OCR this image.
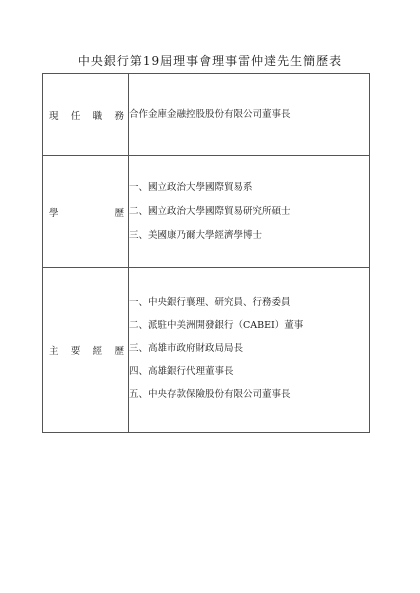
中央銀行第19屆理事會理事雷仲達先生簡歷表
現 任 職 務	合作金庫金融控股股份有限公司董事長

學 歷	一、國立政治大學國際貿易系
二、國立政治大學國際貿易研究所碩士
三、美國康乃爾大學經濟學博士

主 要 經 歷	一、中央銀行襄理、研究員、行務委員
二、派駐中美洲開發銀行（CABEI）董事
三、高雄市政府財政局局長
四、高雄銀行代理董事長
五、中央存款保險股份有限公司董事長
